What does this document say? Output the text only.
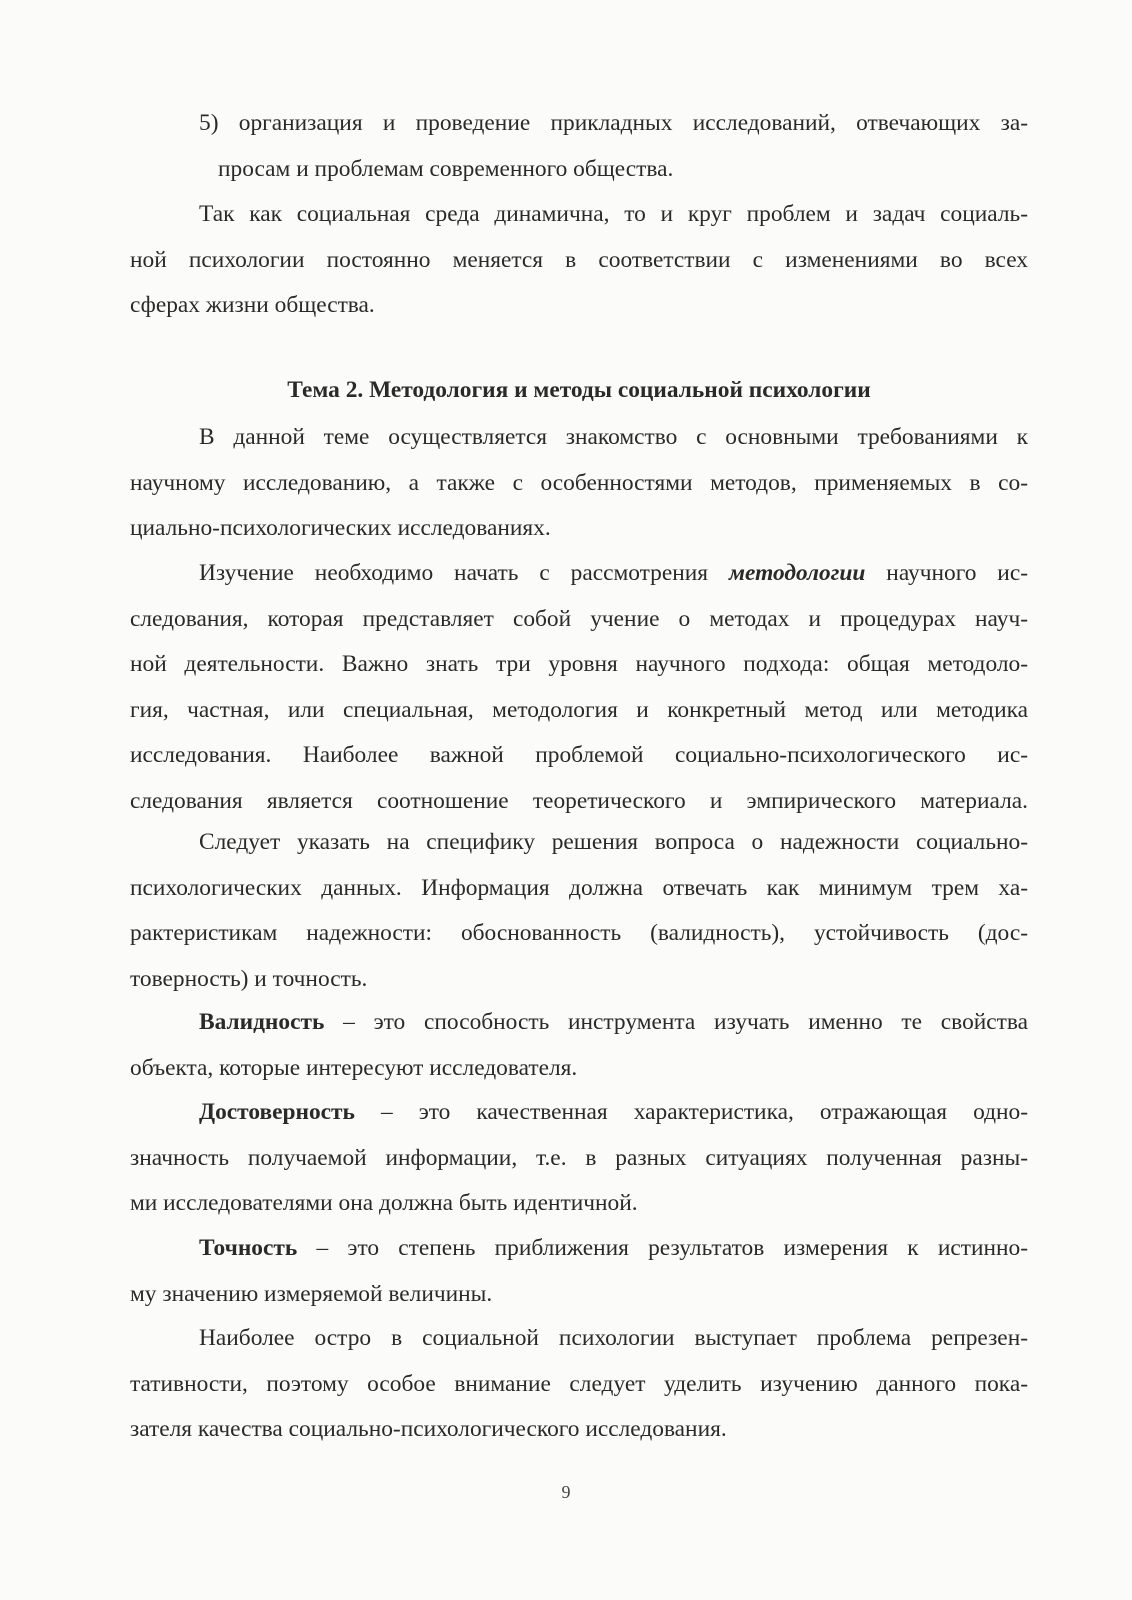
5) организация и проведение прикладных исследований, отвечающих за-
просам и проблемам современного общества.
Так как социальная среда динамична, то и круг проблем и задач социаль-
ной психологии постоянно меняется в соответствии с изменениями во всех
сферах жизни общества.
Тема 2. Методология и методы социальной психологии
В данной теме осуществляется знакомство с основными требованиями к
научному исследованию, а также с особенностями методов, применяемых в со-
циально-психологических исследованиях.
Изучение необходимо начать с рассмотрения методологии научного ис-
следования, которая представляет собой учение о методах и процедурах науч-
ной деятельности. Важно знать три уровня научного подхода: общая методоло-
гия, частная, или специальная, методология и конкретный метод или методика
исследования. Наиболее важной проблемой социально-психологического ис-
следования является соотношение теоретического и эмпирического материала.
Следует указать на специфику решения вопроса о надежности социально-
психологических данных. Информация должна отвечать как минимум трем ха-
рактеристикам надежности: обоснованность (валидность), устойчивость (дос-
товерность) и точность.
Валидность – это способность инструмента изучать именно те свойства
объекта, которые интересуют исследователя.
Достоверность – это качественная характеристика, отражающая одно-
значность получаемой информации, т.е. в разных ситуациях полученная разны-
ми исследователями она должна быть идентичной.
Точность – это степень приближения результатов измерения к истинно-
му значению измеряемой величины.
Наиболее остро в социальной психологии выступает проблема репрезен-
тативности, поэтому особое внимание следует уделить изучению данного пока-
зателя качества социально-психологического исследования.
9
